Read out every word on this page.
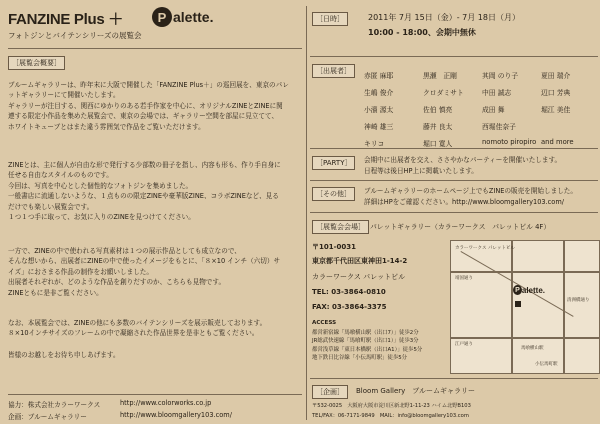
FANZINE Plus ＋	P alette.
フォトジンとバイテンシリーズの展覧会
［展覧会概要］
ブルームギャラリーは、昨年末に大阪で開催した「FANZINE Plus＋」の巡回展を、東京のパレ
ットギャラリーにて開催いたします。
ギャラリーが注目する、関西にゆかりのある若手作家を中心に、オリジナルZINEとZINEに関
連する限定小作品を集めた展覧会で、東京の会場では、ギャラリー空間を部屋に見立てて、
ホワイトキューブとはまた違う雰囲気で作品をご覧いただけます。
ZINEとは、主に個人が自由な形で発行する少部数の冊子を指し、内容も形も、作り手自身に
任せる自由なスタイルのものです。
今回は、写真を中心とした個性的なフォトジンを集めました。
一般書店に流通しないような、１点ものの限定ZINEや豪華版ZINE、コラボZINEなど、見る
だけでも楽しい展覧会です。
１つ１つ手に取って、お気に入りのZINEを見つけてください。
一方で、ZINEの中で使われる写真素材は１つの展示作品としても成立なので、
そんな想いから、出展者にZINEの中で使ったイメージをもとに、「８×10 インチ（六切）サ
イズ」におさまる作品の制作をお願いしました。
出展者それぞれが、どのような作品を創りだすのか、こちらも見物です。
ZINEともに是非ご覧ください。
なお、本展覧会では、ZINEの他にも多数のバイテンシリーズを展示販売しております。
８×10インチサイズのフレームの中で凝縮された作品世界を是非ともご覧ください。
皆様のお越しをお待ち申しあげます。
協力：株式会社カラーワークス	http://www.colorworks.co.jp
企画：ブルームギャラリー	http://www.bloomgallery103.com/
［日時］	2011年 7月 15日（金）- 7月 18日（月）
10:00 - 18:00、会期中無休
［出展者］
赤匿 麻耶	黒瀬　正剛	其岡 のり子	夏田 瑞介
生嶋 俊介	クロダミサト	中田 誠志	辺口 芳典
小濱 源太	佐伯 慎亮	成田 舞	堀江 美佳
神崎 雄三	藤井 良太	西堀佳奈子
キリコ	堀口 寛人	nomoto piropiro and more
［PARTY］	会期中に出展者を交え、ささやかなパーティーを開催いたします。
日程等は後日HP上に掲載いたします。
［その他］	ブルームギャラリーのホームページ上でもZINEの販売を開始しました。
詳細はHPをご確認ください。http://www.bloomgallery103.com/
［展覧会会場］ パレットギャラリー（カラーワークス　パレットビル 4F）
〒101-0031
東京都千代田区東神田1-14-2
カラーワークス パレットビル
TEL: 03-3864-0810
FAX: 03-3864-3375
ACCESS
都営新宿線「馬喰横山駅（出口7）」徒歩2分
JR総武快速線「馬喰町駅（出口1）」徒歩3分
都営浅草線「東日本橋駅（出口A1）」徒歩5分
地下鉄日比谷線「小伝馬町駅」徒歩5分
P alette.
カラーワークス パレットビル
靖国通り
清洲橋通り
江戸通り
馬喰横山駅
小伝馬町駅
［企画］	Bloom Gallery　ブルームギャラリー
〒532-0025　大阪府大阪市淀川区新北野1-11-23 ハイム北野B103
TEL/FAX：06-7171-9849　MAIL：info@bloomgallery103.com
